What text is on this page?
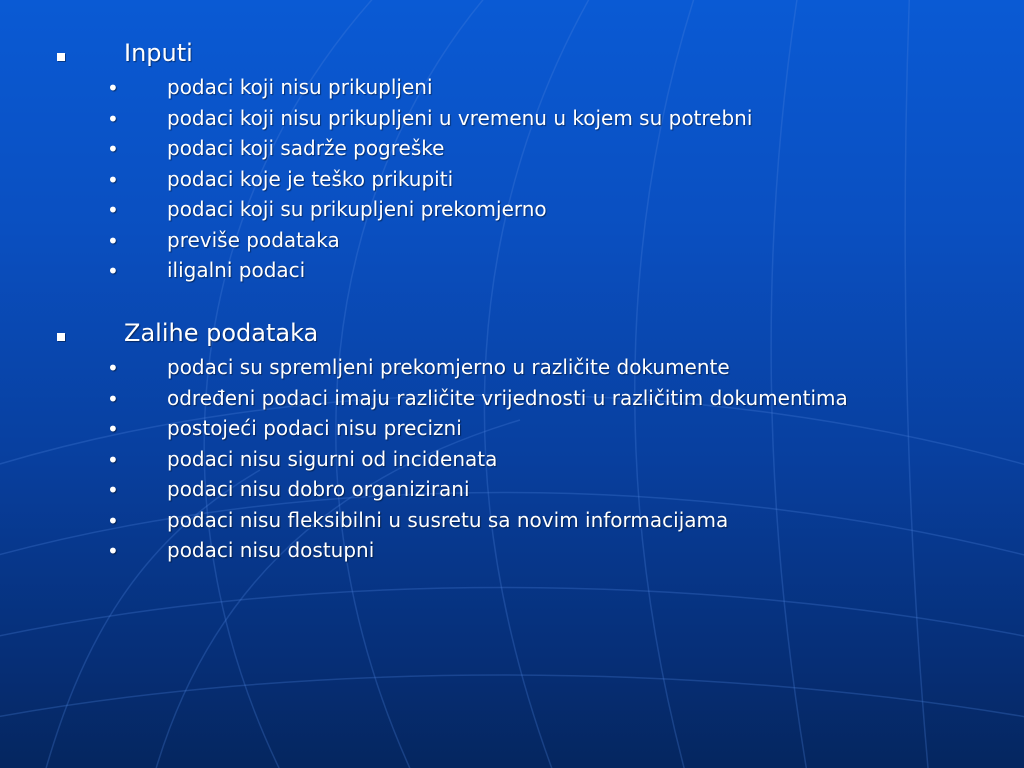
Inputi
• podaci koji nisu prikupljeni
• podaci koji nisu prikupljeni u vremenu u kojem su potrebni
• podaci koji sadrže pogreške
• podaci koje je teško prikupiti
• podaci koji su prikupljeni prekomjerno
• previše podataka
• iligalni podaci
Zalihe podataka
• podaci su spremljeni prekomjerno u različite dokumente
• određeni podaci imaju različite vrijednosti u različitim dokumentima
• postojeći podaci nisu precizni
• podaci nisu sigurni od incidenata
• podaci nisu dobro organizirani
• podaci nisu fleksibilni u susretu sa novim informacijama
• podaci nisu dostupni
